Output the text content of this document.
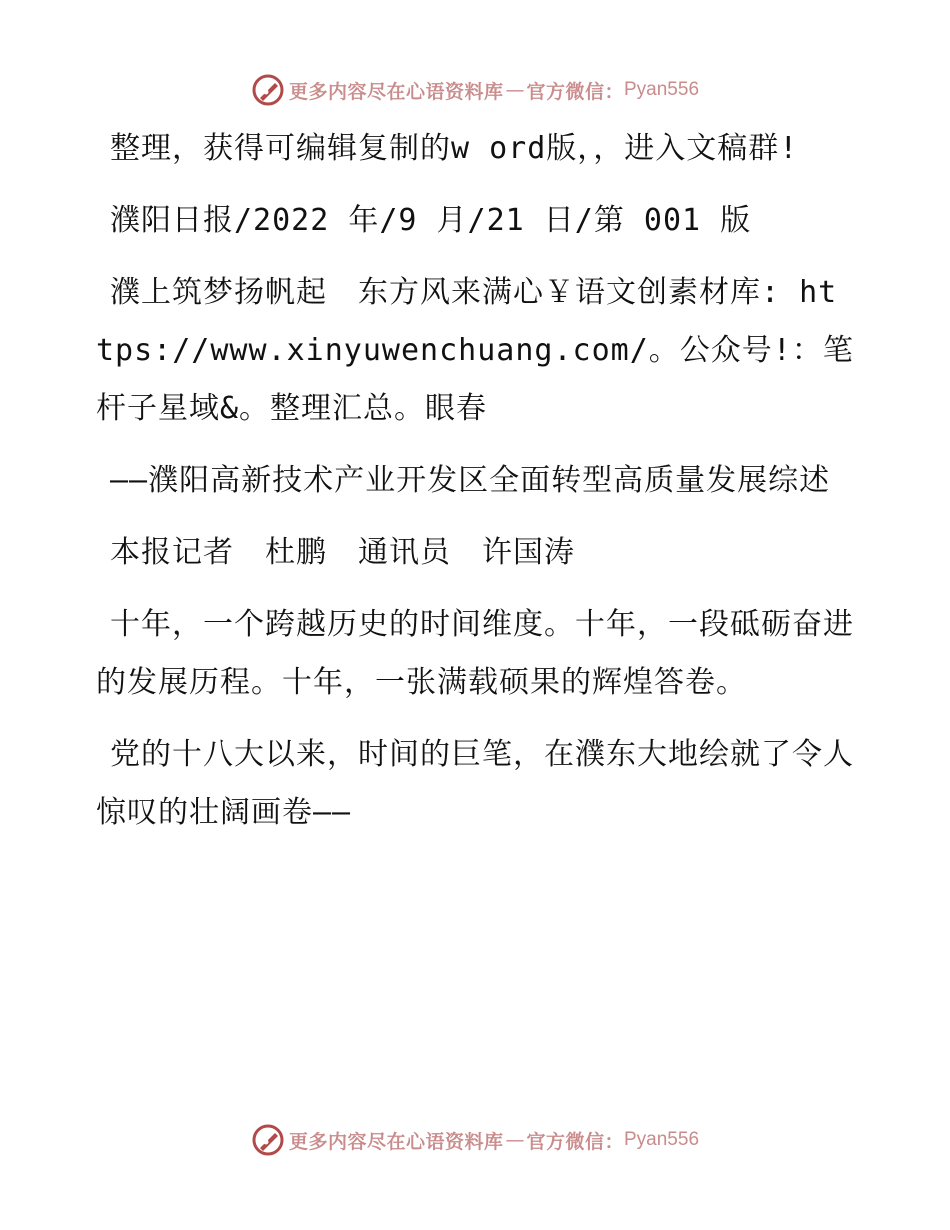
更多内容尽在心语资料库 — 官方微信： Pyan556

整理，获得可编辑复制的w ord版，，进入文稿群!

濮阳日报/2022 年/9 月/21 日/第 001 版

濮上筑梦扬帆起　东方风来满心￥语文创素材库: https://www.xinyuwenchuang.com/。公众号!：笔杆子星域&。整理汇总。眼春

——濮阳高新技术产业开发区全面转型高质量发展综述

本报记者　杜鹏　通讯员　许国涛

十年，一个跨越历史的时间维度。十年，一段砥砺奋进的发展历程。十年，一张满载硕果的辉煌答卷。

党的十八大以来，时间的巨笔，在濮东大地绘就了令人惊叹的壮阔画卷——

更多内容尽在心语资料库 — 官方微信： Pyan556
